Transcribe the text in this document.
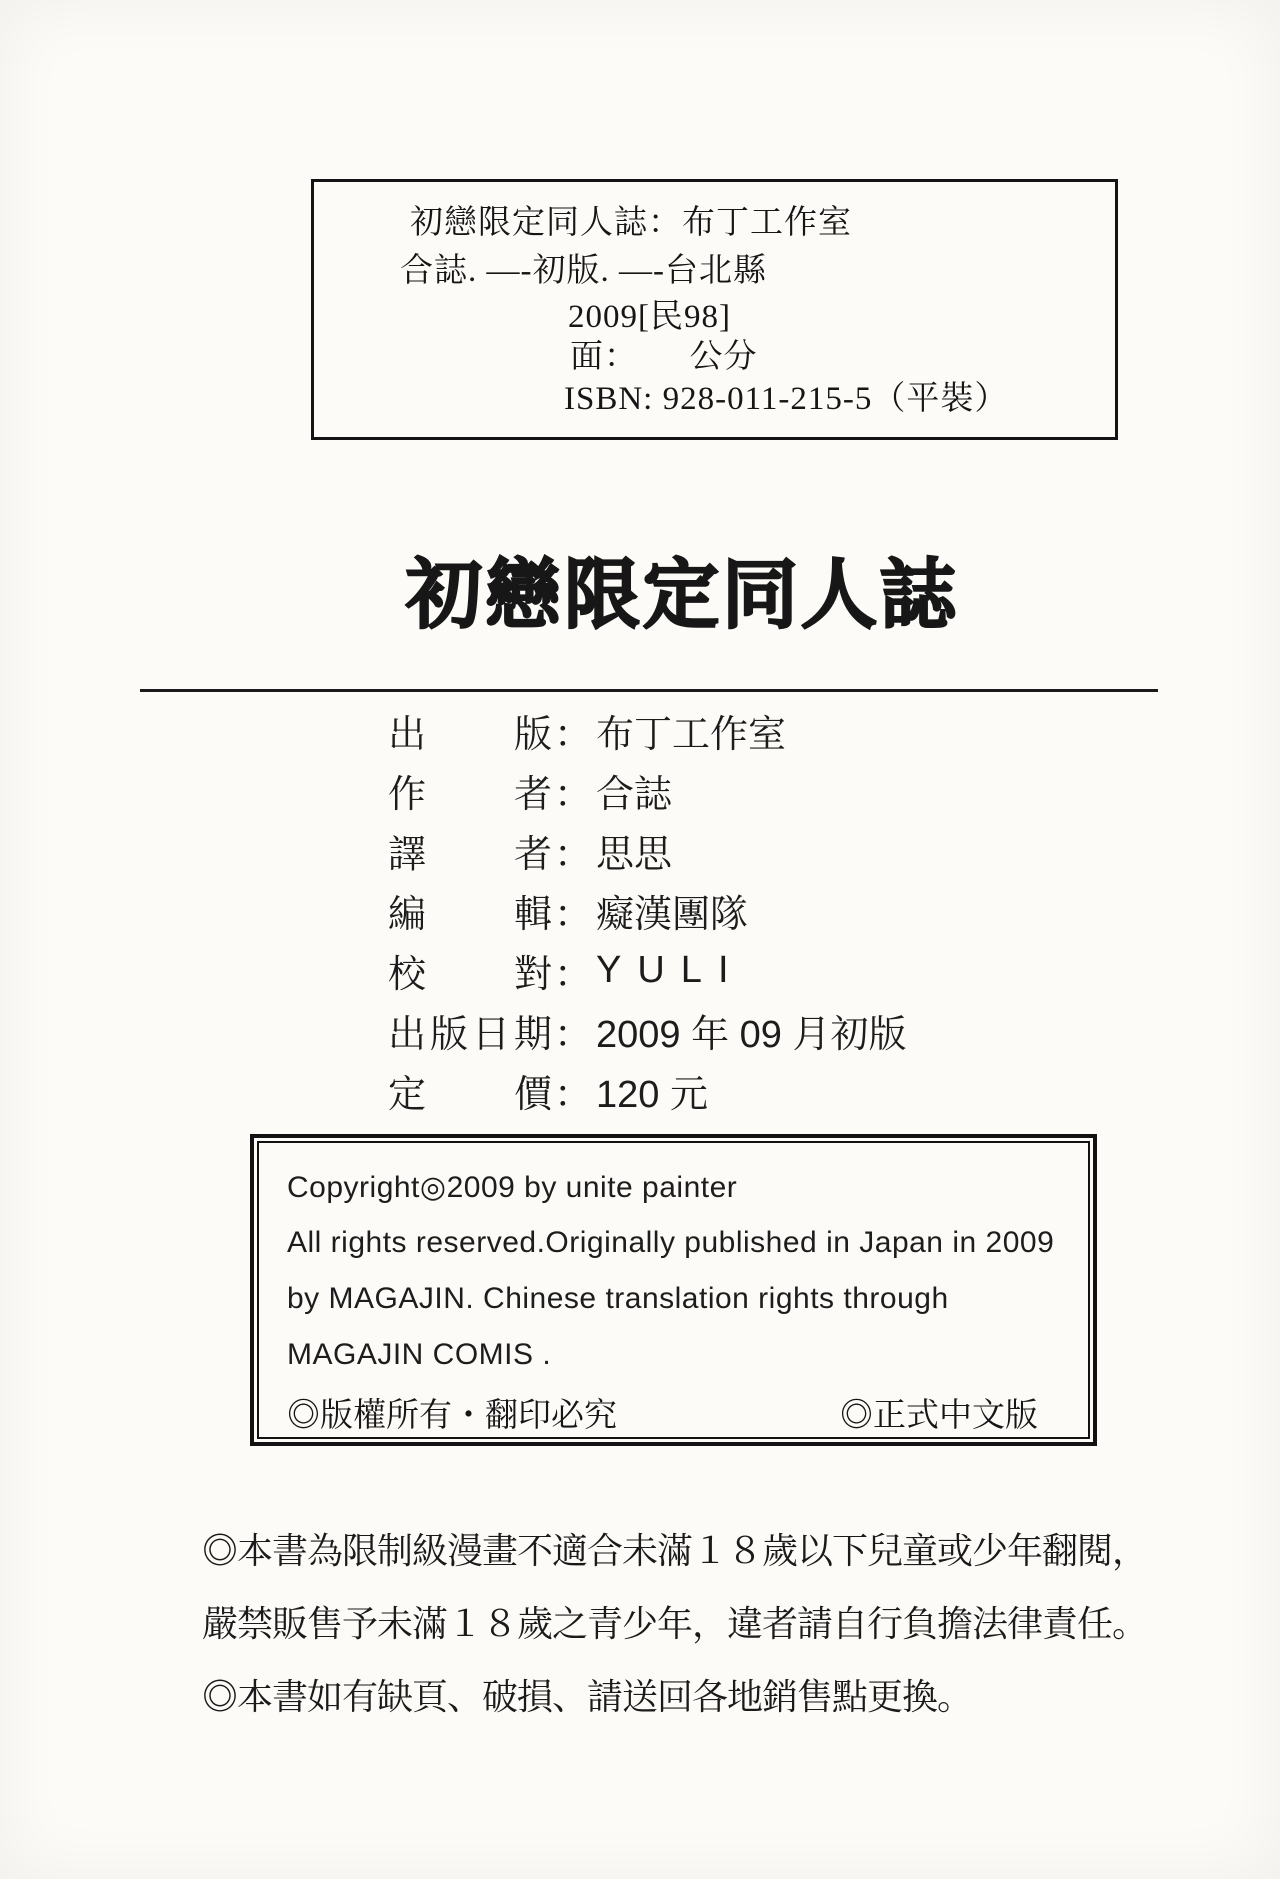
初戀限定同人誌：布丁工作室
合誌. —-初版. —-台北縣
2009[民98]
面：　　公分
ISBN: 928-011-215-5（平裝）
初戀限定同人誌
出版 ： 布丁工作室
作者 ： 合誌
譯者 ： 思思
編輯 ： 癡漢團隊
校對 ： YULI
出版日期 ： 2009 年 09 月初版
定價 ： 120 元

Copyright◎2009 by unite painter

All rights reserved.Originally published in Japan in 2009

by MAGAJIN. Chinese translation rights through

MAGAJIN COMIS .

◎版權所有・翻印必究	◎正式中文版

◎本書為限制級漫畫不適合未滿１８歲以下兒童或少年翻閱，

嚴禁販售予未滿１８歲之青少年，違者請自行負擔法律責任。

◎本書如有缺頁、破損、請送回各地銷售點更換。
